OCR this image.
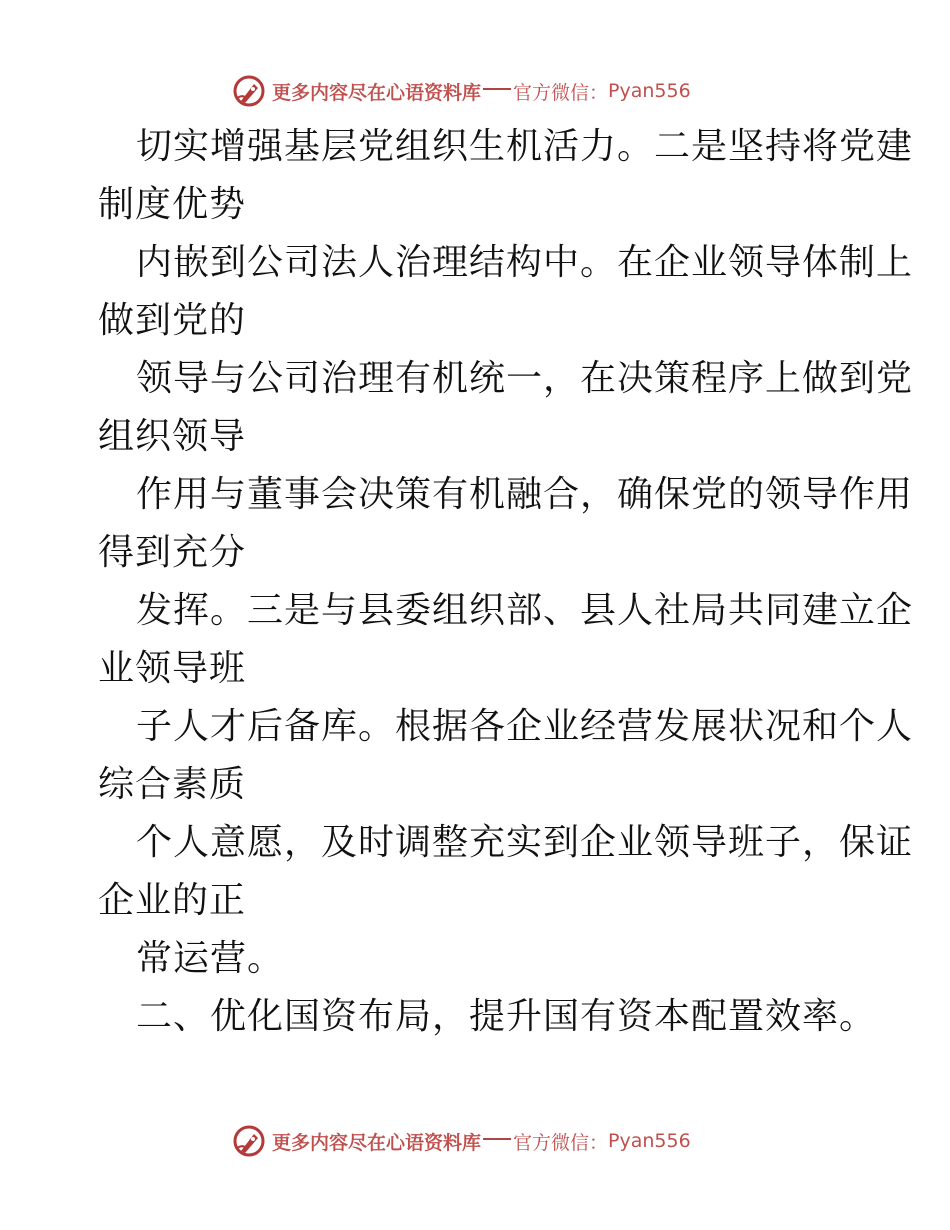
更多内容尽在心语资料库 官方微信： Pyan556
切实增强基层党组织生机活力。二是坚持将党建
制度优势
内嵌到公司法人治理结构中。在企业领导体制上
做到党的
领导与公司治理有机统一，在决策程序上做到党
组织领导
作用与董事会决策有机融合，确保党的领导作用
得到充分
发挥。三是与县委组织部、县人社局共同建立企
业领导班
子人才后备库。根据各企业经营发展状况和个人
综合素质
个人意愿，及时调整充实到企业领导班子，保证
企业的正
常运营。
二、优化国资布局，提升国有资本配置效率。
更多内容尽在心语资料库 官方微信： Pyan556
